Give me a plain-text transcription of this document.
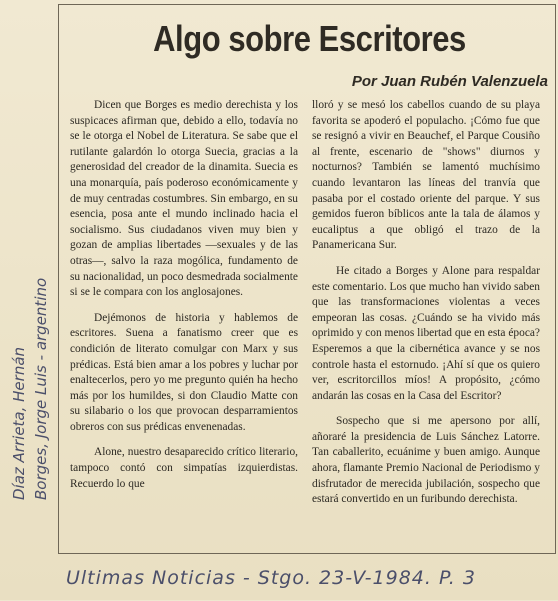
Algo sobre Escritores
Por Juan Rubén Valenzuela

Dicen que Borges es medio derechista y los suspicaces afirman que, debido a ello, todavía no se le otorga el Nobel de Literatura. Se sabe que el rutilante galardón lo otorga Suecia, gracias a la generosidad del creador de la dinamita. Suecia es una monarquía, país poderoso económicamente y de muy centradas costumbres. Sin embargo, en su esencia, posa ante el mundo inclinado hacia el socialismo. Sus ciudadanos viven muy bien y gozan de amplias libertades —sexuales y de las otras—, salvo la raza mogólica, fundamento de su nacionalidad, un poco desmedrada socialmente si se le compara con los anglosajones.

Dejémonos de historia y hablemos de escritores. Suena a fanatismo creer que es condición de literato comulgar con Marx y sus prédicas. Está bien amar a los pobres y luchar por enaltecerlos, pero yo me pregunto quién ha hecho más por los humildes, si don Claudio Matte con su silabario o los que provocan desparramientos obreros con sus prédicas envenenadas.

Alone, nuestro desaparecido crítico literario, tampoco contó con simpatías izquierdistas. Recuerdo lo que

lloró y se mesó los cabellos cuando de su playa favorita se apoderó el populacho. ¡Cómo fue que se resignó a vivir en Beauchef, el Parque Cousiño al frente, escenario de "shows" diurnos y nocturnos? También se lamentó muchísimo cuando levantaron las líneas del tranvía que pasaba por el costado oriente del parque. Y sus gemidos fueron bíblicos ante la tala de álamos y eucaliptus a que obligó el trazo de la Panamericana Sur.

He citado a Borges y Alone para respaldar este comentario. Los que mucho han vivido saben que las transformaciones violentas a veces empeoran las cosas. ¿Cuándo se ha vivido más oprimido y con menos libertad que en esta época? Esperemos a que la cibernética avance y se nos controle hasta el estornudo. ¡Ahí sí que os quiero ver, escritorcillos míos! A propósito, ¿cómo andarán las cosas en la Casa del Escritor?

Sospecho que si me apersono por allí, añoraré la presidencia de Luis Sánchez Latorre. Tan caballerito, ecuánime y buen amigo. Aunque ahora, flamante Premio Nacional de Periodismo y disfrutador de merecida jubilación, sospecho que estará convertido en un furibundo derechista.

Díaz Arrieta, Hernán Borges, Jorge Luis - argentino
Ultimas Noticias - Stgo. 23-V-1984. P. 3
